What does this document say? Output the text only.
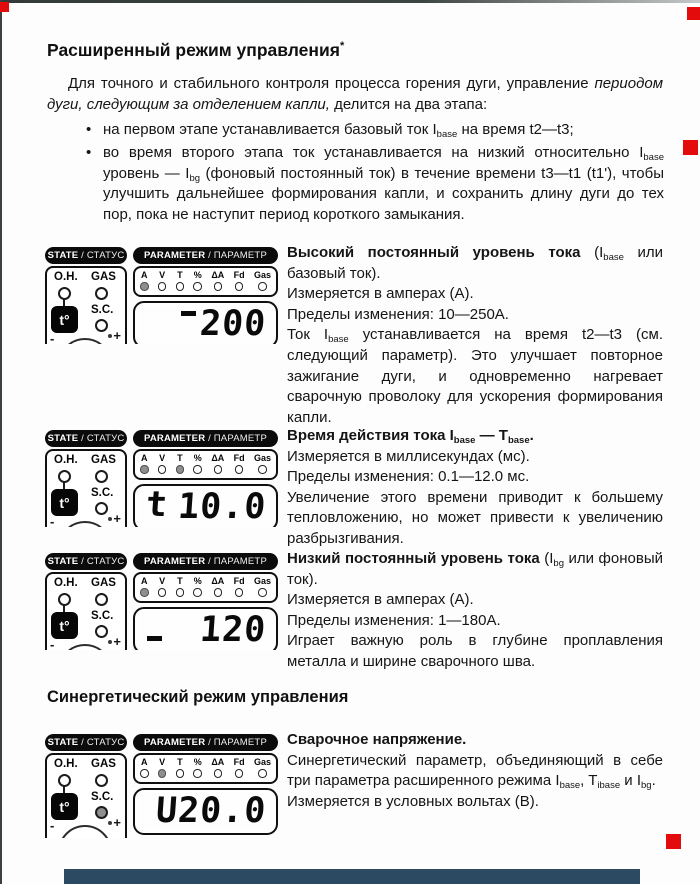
Расширенный режим управления*
Для точного и стабильного контроля процесса горения дуги, управление периодом дуги, следующим за отделением капли, делится на два этапа:
• на первом этапе устанавливается базовый ток $I_{base}$ на время t2—t3;
• во время второго этапа ток устанавливается на низкий относительно $I_{base}$ уровень — $I_{bg}$ (фоновый постоянный ток) в течение времени t3—t1 (t1'), чтобы улучшить дальнейшее формирования капли, и сохранить длину дуги до тех пор, пока не наступит период короткого замыкания.
STATE / СТАТУС
O.H. GAS
t°
S.C.
-	+
PARAMETER / ПАРАМЕТР
A V T % ΔA Fd Gas
200
Высокий постоянный уровень тока ($I_{base}$ или базовый ток).
Измеряется в амперах (А).
Пределы изменения: 10—250А.
Ток $I_{base}$ устанавливается на время t2—t3 (см. следующий параметр). Это улучшает повторное зажигание дуги, и одновременно нагревает сварочную проволоку для ускорения формирования капли.
STATE / СТАТУС
O.H. GAS
t°
S.C.
-	+
PARAMETER / ПАРАМЕТР
A V T % ΔA Fd Gas
t 10.0
Время действия тока $I_{base}$ — $T_{base}$.
Измеряется в миллисекундах (мс).
Пределы изменения: 0.1—12.0 мс.
Увеличение этого времени приводит к большему тепловложению, но может привести к увеличению разбрызгивания.
STATE / СТАТУС
O.H. GAS
t°
S.C.
-	+
PARAMETER / ПАРАМЕТР
A V T % ΔA Fd Gas
120
Низкий постоянный уровень тока ($I_{bg}$ или фоновый ток).
Измеряется в амперах (А).
Пределы изменения: 1—180А.
Играет важную роль в глубине проплавления металла и ширине сварочного шва.
Синергетический режим управления
STATE / СТАТУС
O.H. GAS
t°
S.C.
-	+
PARAMETER / ПАРАМЕТР
A V T % ΔA Fd Gas
U
20.0
Сварочное напряжение.
Синергетический параметр, объединяющий в себе три параметра расширенного режима $I_{base}$, $T_{ibase}$ и $I_{bg}$.
Измеряется в условных вольтах (В).
